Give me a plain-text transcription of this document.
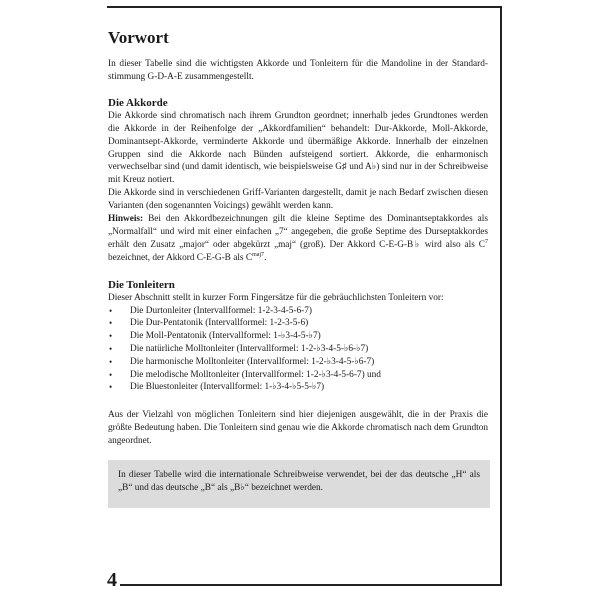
Vorwort

In dieser Tabelle sind die wichtigsten Akkorde und Tonleitern für die Mandoline in der Standardstimmung G-D-A-E zusammengestellt.

Die Akkorde

Die Akkorde sind chromatisch nach ihrem Grundton geordnet; innerhalb jedes Grundtones werden die Akkorde in der Reihenfolge der „Akkordfamilien“ behandelt: Dur-Akkorde, Moll-Akkorde, Dominantsept-Akkorde, verminderte Akkorde und übermäßige Akkorde. Innerhalb der einzelnen Gruppen sind die Akkorde nach Bünden aufsteigend sortiert. Akkorde, die enharmonisch verwechselbar sind (und damit identisch, wie beispielsweise G♯ und A♭) sind nur in der Schreibweise mit Kreuz notiert.

Die Akkorde sind in verschiedenen Griff-Varianten dargestellt, damit je nach Bedarf zwischen diesen Varianten (den sogenannten Voicings) gewählt werden kann.

Hinweis: Bei den Akkordbezeichnungen gilt die kleine Septime des Dominantseptakkordes als „Normalfall“ und wird mit einer einfachen „7“ angegeben, die große Septime des Durseptakkordes erhält den Zusatz „major“ oder abgekürzt „maj“ (groß). Der Akkord C-E-G-B♭ wird also als $C^7$ bezeichnet, der Akkord C-E-G-B als $C^{maj7}$.

Die Tonleitern

Dieser Abschnitt stellt in kurzer Form Fingersätze für die gebräuchlichsten Tonleitern vor:

• Die Durtonleiter (Intervallformel: 1-2-3-4-5-6-7)
• Die Dur-Pentatonik (Intervallformel: 1-2-3-5-6)
• Die Moll-Pentatonik (Intervallformel: 1-♭3-4-5-♭7)
• Die natürliche Molltonleiter (Intervallformel: 1-2-♭3-4-5-♭6-♭7)
• Die harmonische Molltonleiter (Intervallformel: 1-2-♭3-4-5-♭6-7)
• Die melodische Molltonleiter (Intervallformel: 1-2-♭3-4-5-6-7) und
• Die Bluestonleiter (Intervallformel: 1-♭3-4-♭5-5-♭7)

Aus der Vielzahl von möglichen Tonleitern sind hier diejenigen ausgewählt, die in der Praxis die größte Bedeutung haben. Die Tonleitern sind genau wie die Akkorde chromatisch nach dem Grundton angeordnet.

In dieser Tabelle wird die internationale Schreibweise verwendet, bei der das deutsche „H“ als „B“ und das deutsche „B“ als „B♭“ bezeichnet werden.

4
